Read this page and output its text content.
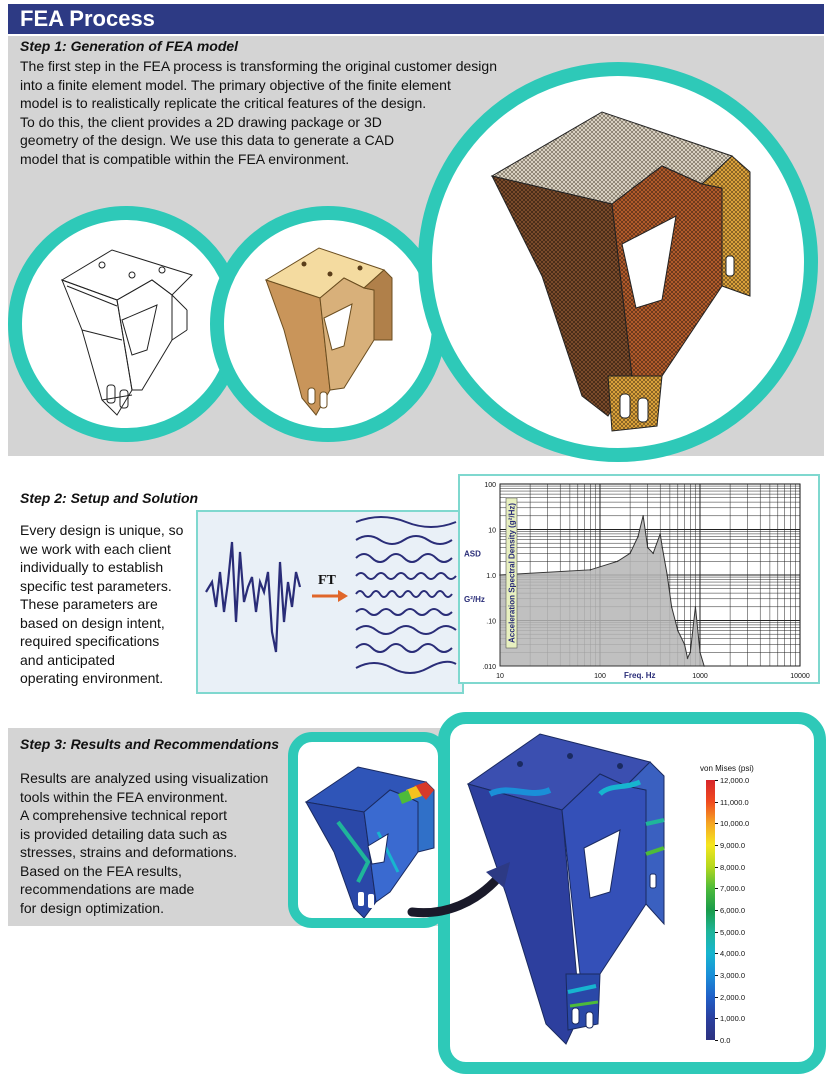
FEA Process
Step 1: Generation of FEA model

The first step in the FEA process is transforming the original customer design
into a finite element model. The primary objective of the finite element
model is to realistically replicate the critical features of the design.
To do this, the client provides a 2D drawing package or 3D
geometry of the design. We use this data to generate a CAD
model that is compatible within the FEA environment.

Step 2: Setup and Solution

Every design is unique, so
we work with each client
individually to establish
specific test parameters.
These parameters are
based on design intent,
required specifications
and anticipated
operating environment.

FT
10	100	1000	10000
100
10
1.0
.10
.010
Freq. Hz
ASD
G²/Hz	Acceleration Spectral Density (g²/Hz)
Step 3: Results and Recommendations

Results are analyzed using visualization
tools within the FEA environment.
A comprehensive technical report
is provided detailing data such as
stresses, strains and deformations.
Based on the FEA results,
recommendations are made
for design optimization.

von Mises (psi)
12,000.0
11,000.0
10,000.0
9,000.0
8,000.0
7,000.0
6,000.0
5,000.0
4,000.0
3,000.0
2,000.0
1,000.0
0.0
